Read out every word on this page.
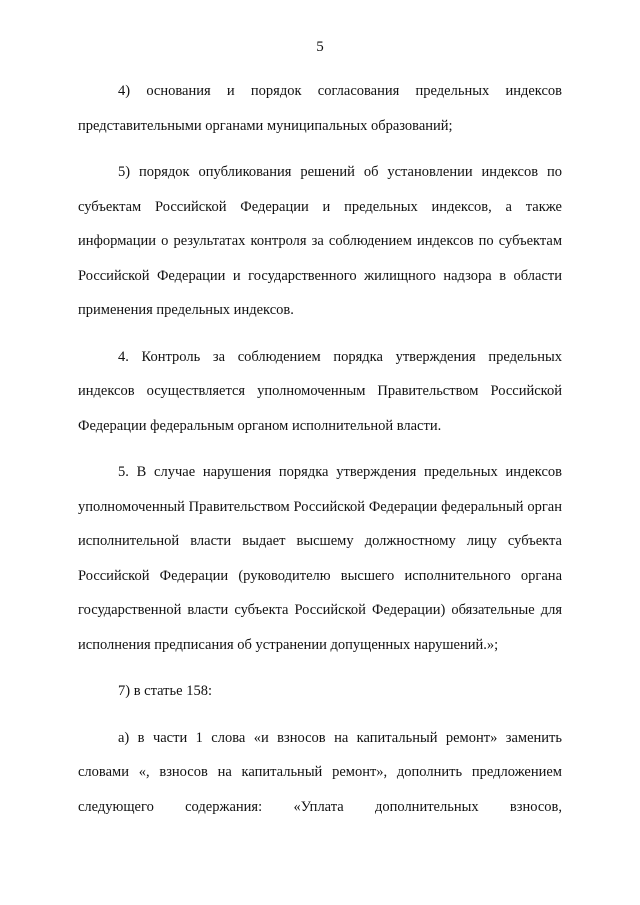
5

4) основания и порядок согласования предельных индексов представительными органами муниципальных образований;

5) порядок опубликования решений об установлении индексов по субъектам Российской Федерации и предельных индексов, а также информации о результатах контроля за соблюдением индексов по субъектам Российской Федерации и государственного жилищного надзора в области применения предельных индексов.

4. Контроль за соблюдением порядка утверждения предельных индексов осуществляется уполномоченным Правительством Российской Федерации федеральным органом исполнительной власти.

5. В случае нарушения порядка утверждения предельных индексов уполномоченный Правительством Российской Федерации федеральный орган исполнительной власти выдает высшему должностному лицу субъекта Российской Федерации (руководителю высшего исполнительного органа государственной власти субъекта Российской Федерации) обязательные для исполнения предписания об устранении допущенных нарушений.»;

7) в статье 158:

а) в части 1 слова «и взносов на капитальный ремонт» заменить словами «, взносов на капитальный ремонт», дополнить предложением следующего содержания: «Уплата дополнительных взносов,
